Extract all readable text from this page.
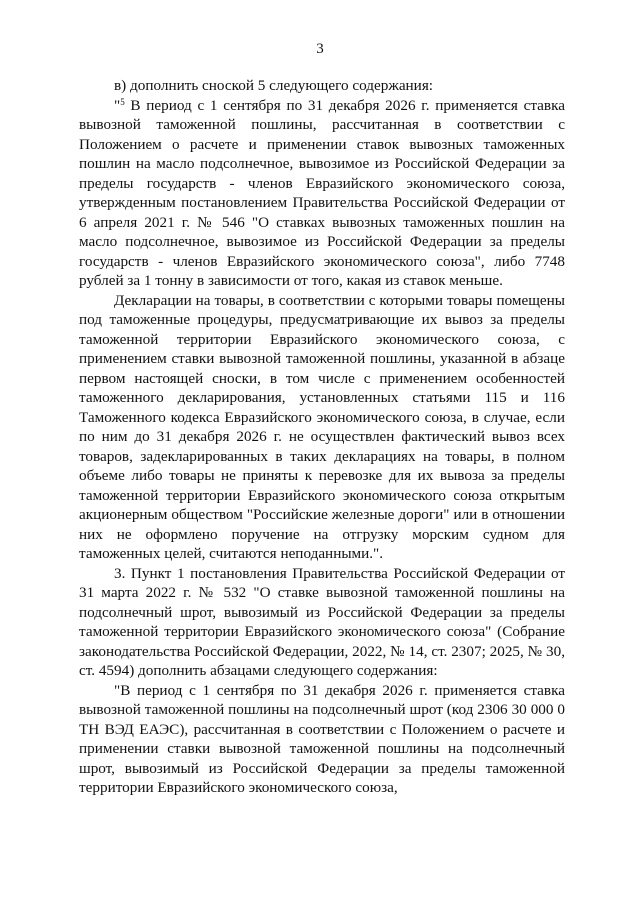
3

в) дополнить сноской 5 следующего содержания:

"$^5$ В период с 1 сентября по 31 декабря 2026 г. применяется ставка вывозной таможенной пошлины, рассчитанная в соответствии с Положением о расчете и применении ставок вывозных таможенных пошлин на масло подсолнечное, вывозимое из Российской Федерации за пределы государств - членов Евразийского экономического союза, утвержденным постановлением Правительства Российской Федерации от 6 апреля 2021 г. № 546 "О ставках вывозных таможенных пошлин на масло подсолнечное, вывозимое из Российской Федерации за пределы государств - членов Евразийского экономического союза", либо 7748 рублей за 1 тонну в зависимости от того, какая из ставок меньше.

Декларации на товары, в соответствии с которыми товары помещены под таможенные процедуры, предусматривающие их вывоз за пределы таможенной территории Евразийского экономического союза, с применением ставки вывозной таможенной пошлины, указанной в абзаце первом настоящей сноски, в том числе с применением особенностей таможенного декларирования, установленных статьями 115 и 116 Таможенного кодекса Евразийского экономического союза, в случае, если по ним до 31 декабря 2026 г. не осуществлен фактический вывоз всех товаров, задекларированных в таких декларациях на товары, в полном объеме либо товары не приняты к перевозке для их вывоза за пределы таможенной территории Евразийского экономического союза открытым акционерным обществом "Российские железные дороги" или в отношении них не оформлено поручение на отгрузку морским судном для таможенных целей, считаются неподанными.".

3. Пункт 1 постановления Правительства Российской Федерации от 31 марта 2022 г. № 532 "О ставке вывозной таможенной пошлины на подсолнечный шрот, вывозимый из Российской Федерации за пределы таможенной территории Евразийского экономического союза" (Собрание законодательства Российской Федерации, 2022, № 14, ст. 2307; 2025, № 30, ст. 4594) дополнить абзацами следующего содержания:

"В период с 1 сентября по 31 декабря 2026 г. применяется ставка вывозной таможенной пошлины на подсолнечный шрот (код 2306 30 000 0 ТН ВЭД ЕАЭС), рассчитанная в соответствии с Положением о расчете и применении ставки вывозной таможенной пошлины на подсолнечный шрот, вывозимый из Российской Федерации за пределы таможенной территории Евразийского экономического союза,
